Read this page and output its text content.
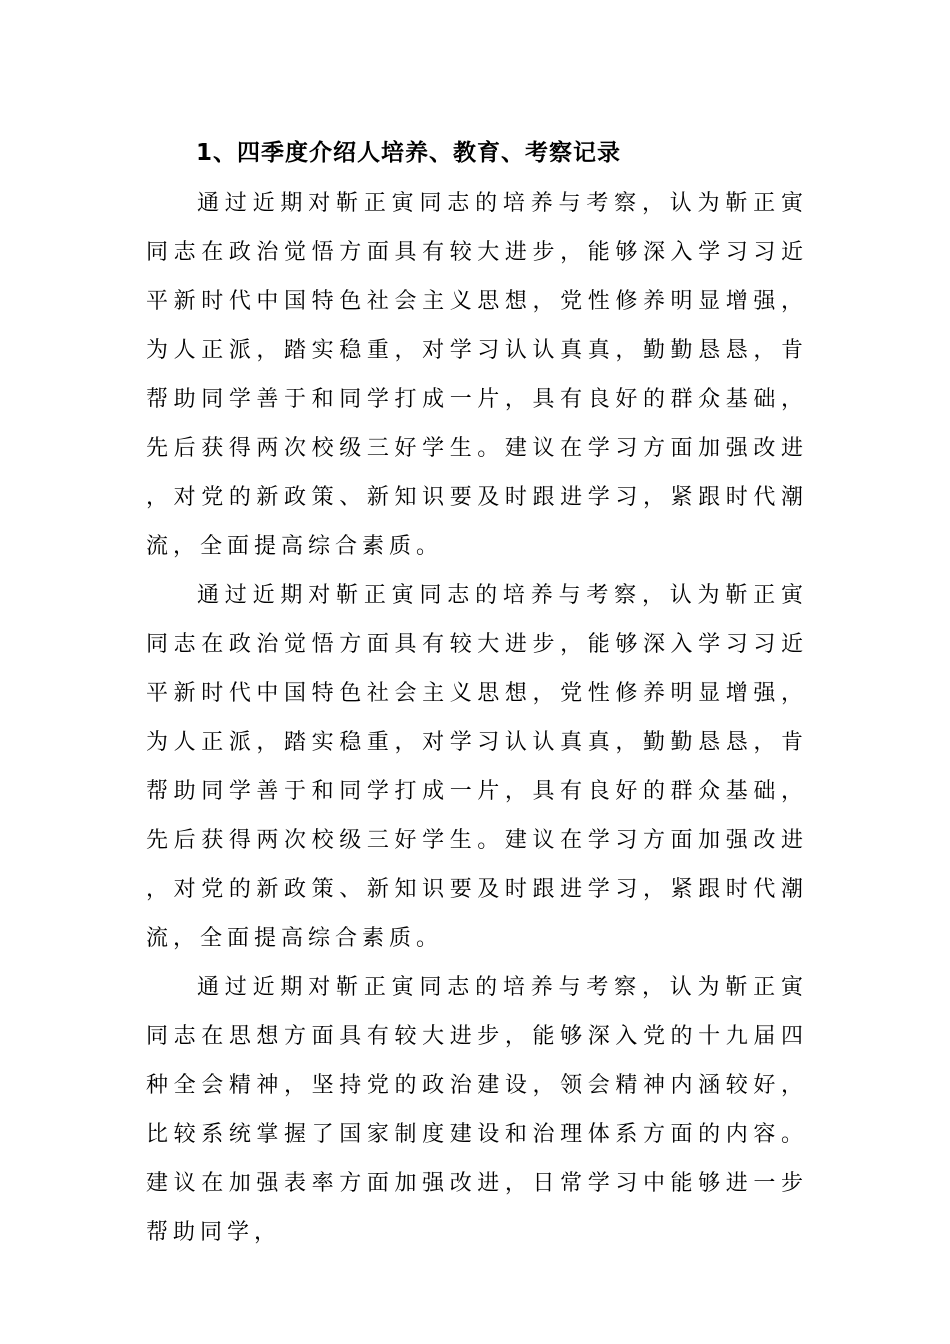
1、四季度介绍人培养、教育、考察记录

通过近期对靳正寅同志的培养与考察，认为靳正寅同志在政治觉悟方面具有较大进步，能够深入学习习近平新时代中国特色社会主义思想，党性修养明显增强，为人正派，踏实稳重，对学习认认真真，勤勤恳恳，肯帮助同学善于和同学打成一片，具有良好的群众基础，先后获得两次校级三好学生。建议在学习方面加强改进，对党的新政策、新知识要及时跟进学习，紧跟时代潮流，全面提高综合素质。

通过近期对靳正寅同志的培养与考察，认为靳正寅同志在政治觉悟方面具有较大进步，能够深入学习习近平新时代中国特色社会主义思想，党性修养明显增强，为人正派，踏实稳重，对学习认认真真，勤勤恳恳，肯帮助同学善于和同学打成一片，具有良好的群众基础，先后获得两次校级三好学生。建议在学习方面加强改进，对党的新政策、新知识要及时跟进学习，紧跟时代潮流，全面提高综合素质。

通过近期对靳正寅同志的培养与考察，认为靳正寅同志在思想方面具有较大进步，能够深入党的十九届四种全会精神，坚持党的政治建设，领会精神内涵较好，比较系统掌握了国家制度建设和治理体系方面的内容。建议在加强表率方面加强改进，日常学习中能够进一步帮助同学，
